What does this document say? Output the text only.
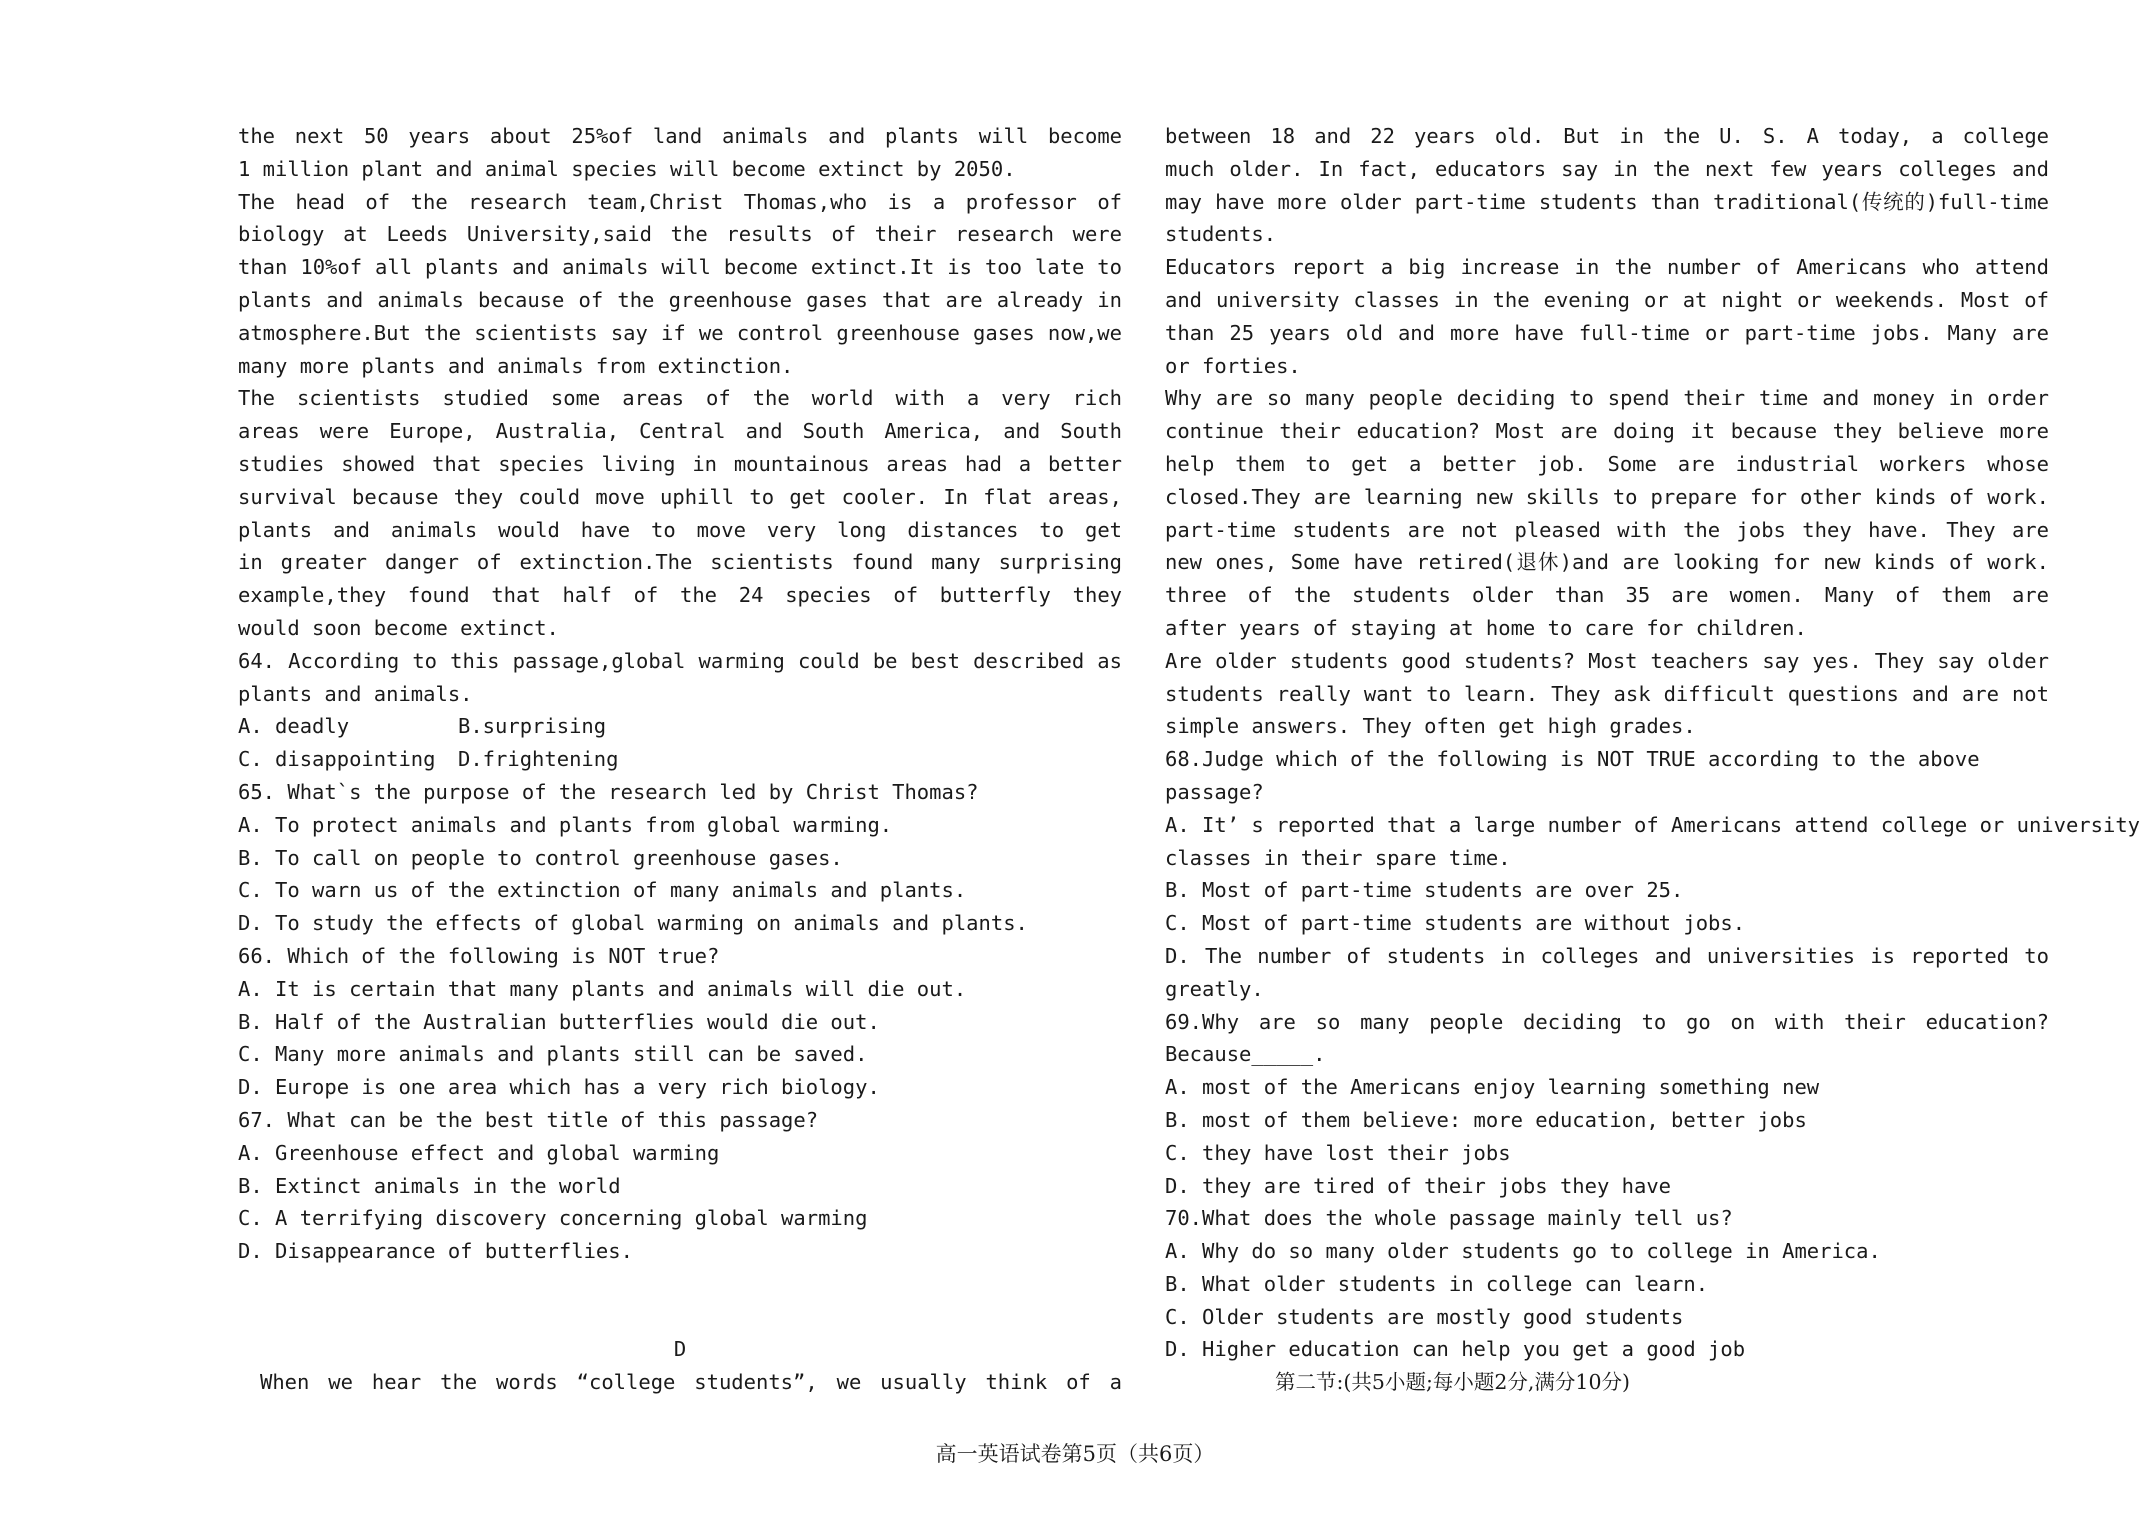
the next 50 years about 25%of land animals and plants will become
1 million plant and animal species will become extinct by 2050.
The head of the research team,Christ Thomas,who is a professor of
biology at Leeds University,said the results of their research were
than 10%of all plants and animals will become extinct.It is too late to
plants and animals because of the greenhouse gases that are already in
atmosphere.But the scientists say if we control greenhouse gases now,we
many more plants and animals from extinction.
The scientists studied some areas of the world with a very rich
areas were Europe, Australia, Central and South America, and South
studies showed that species living in mountainous areas had a better
survival because they could move uphill to get cooler. In flat areas,
plants and animals would have to move very long distances to get
in greater danger of extinction.The scientists found many surprising
example,they found that half of the 24 species of butterfly they
would soon become extinct.
64. According to this passage,global warming could be best described as
plants and animals.
A. deadly	B.surprising
C. disappointing D.frightening
65. What`s the purpose of the research led by Christ Thomas?
A. To protect animals and plants from global warming.
B. To call on people to control greenhouse gases.
C. To warn us of the extinction of many animals and plants.
D. To study the effects of global warming on animals and plants.
66. Which of the following is NOT true?
A. It is certain that many plants and animals will die out.
B. Half of the Australian butterflies would die out.
C. Many more animals and plants still can be saved.
D. Europe is one area which has a very rich biology.
67. What can be the best title of this passage?
A. Greenhouse effect and global warming
B. Extinct animals in the world
C. A terrifying discovery concerning global warming
D. Disappearance of butterflies.
D
When we hear the words “college students”, we usually think of a
between 18 and 22 years old. But in the U. S. A today, a college
much older. In fact, educators say in the next few years colleges and
may have more older part-time students than traditional(传统的)full-time
students.
Educators report a big increase in the number of Americans who attend
and university classes in the evening or at night or weekends. Most of
than 25 years old and more have full-time or part-time jobs. Many are
or forties.
Why are so many people deciding to spend their time and money in order
continue their education? Most are doing it because they believe more
help them to get a better job. Some are industrial workers whose
closed.They are learning new skills to prepare for other kinds of work.
part-time students are not pleased with the jobs they have. They are
new ones, Some have retired(退休)and are looking for new kinds of work.
three of the students older than 35 are women. Many of them are
after years of staying at home to care for children.
Are older students good students? Most teachers say yes. They say older
students really want to learn. They ask difficult questions and are not
simple answers. They often get high grades.
68.Judge which of the following is NOT TRUE according to the above
passage?
A. It’ s reported that a large number of Americans attend college or university
classes in their spare time.
B. Most of part-time students are over 25.
C. Most of part-time students are without jobs.
D. The number of students in colleges and universities is reported to
greatly.
69.Why are so many people deciding to go on with their education?
Because_____.
A. most of the Americans enjoy learning something new
B. most of them believe: more education, better jobs
C. they have lost their jobs
D. they are tired of their jobs they have
70.What does the whole passage mainly tell us?
A. Why do so many older students go to college in America.
B. What older students in college can learn.
C. Older students are mostly good students
D. Higher education can help you get a good job
第二节:(共5小题;每小题2分,满分10分)
高一英语试卷第5页（共6页）
